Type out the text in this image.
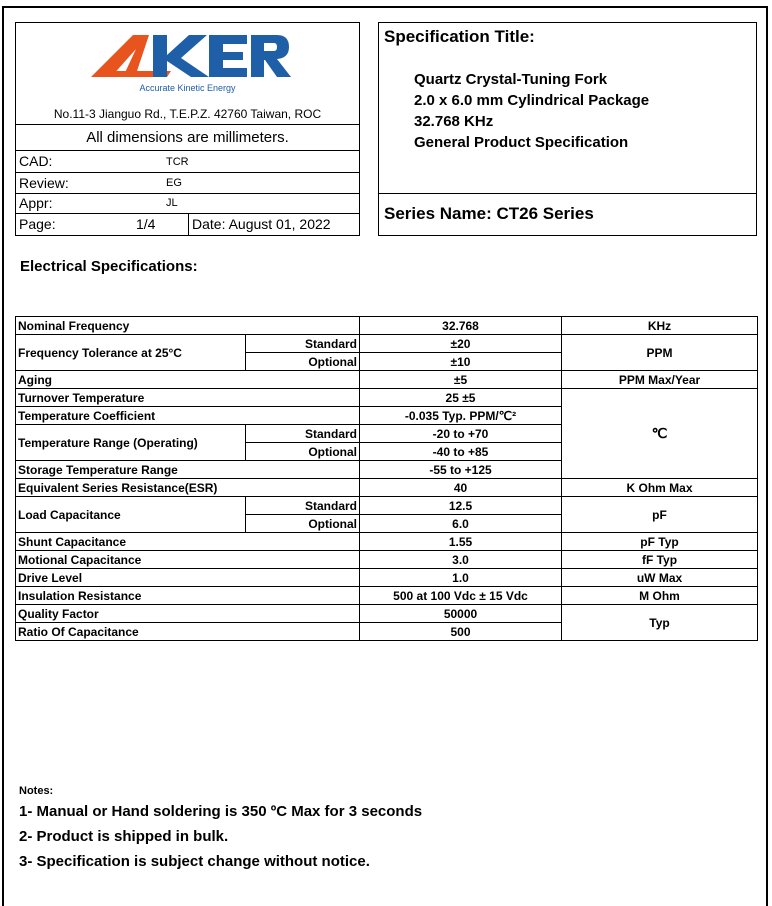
Accurate Kinetic Energy
No.11-3 Jianguo Rd., T.E.P.Z. 42760 Taiwan, ROC
All dimensions are millimeters.
CAD:	TCR
Review:	EG
Appr:	JL
Page:	1/4	Date: August 01, 2022
Specification Title:
Quartz Crystal-Tuning Fork
2.0 x 6.0 mm Cylindrical Package
32.768 KHz
General Product Specification
Series Name: CT26 Series
Electrical Specifications:
Nominal Frequency		32.768	KHz
Frequency Tolerance at 25°C	Standard	±20	PPM
	Optional	±10	
Aging		±5	PPM Max/Year
Turnover Temperature		25 ±5	℃
Temperature Coefficient		-0.035 Typ. PPM/℃²	
Temperature Range (Operating)	Standard	-20 to +70	
	Optional	-40 to +85	
Storage Temperature Range		-55 to +125	
Equivalent Series Resistance(ESR)		40	K Ohm Max
Load Capacitance	Standard	12.5	pF
	Optional	6.0	
Shunt Capacitance		1.55	pF Typ
Motional Capacitance		3.0	fF Typ
Drive Level		1.0	uW Max
Insulation Resistance		500 at 100 Vdc ± 15 Vdc	M Ohm
Quality Factor		50000	Typ
Ratio Of Capacitance		500	
Notes:
1- Manual or Hand soldering is 350 ºC Max for 3 seconds
2- Product is shipped in bulk.
3- Specification is subject change without notice.
